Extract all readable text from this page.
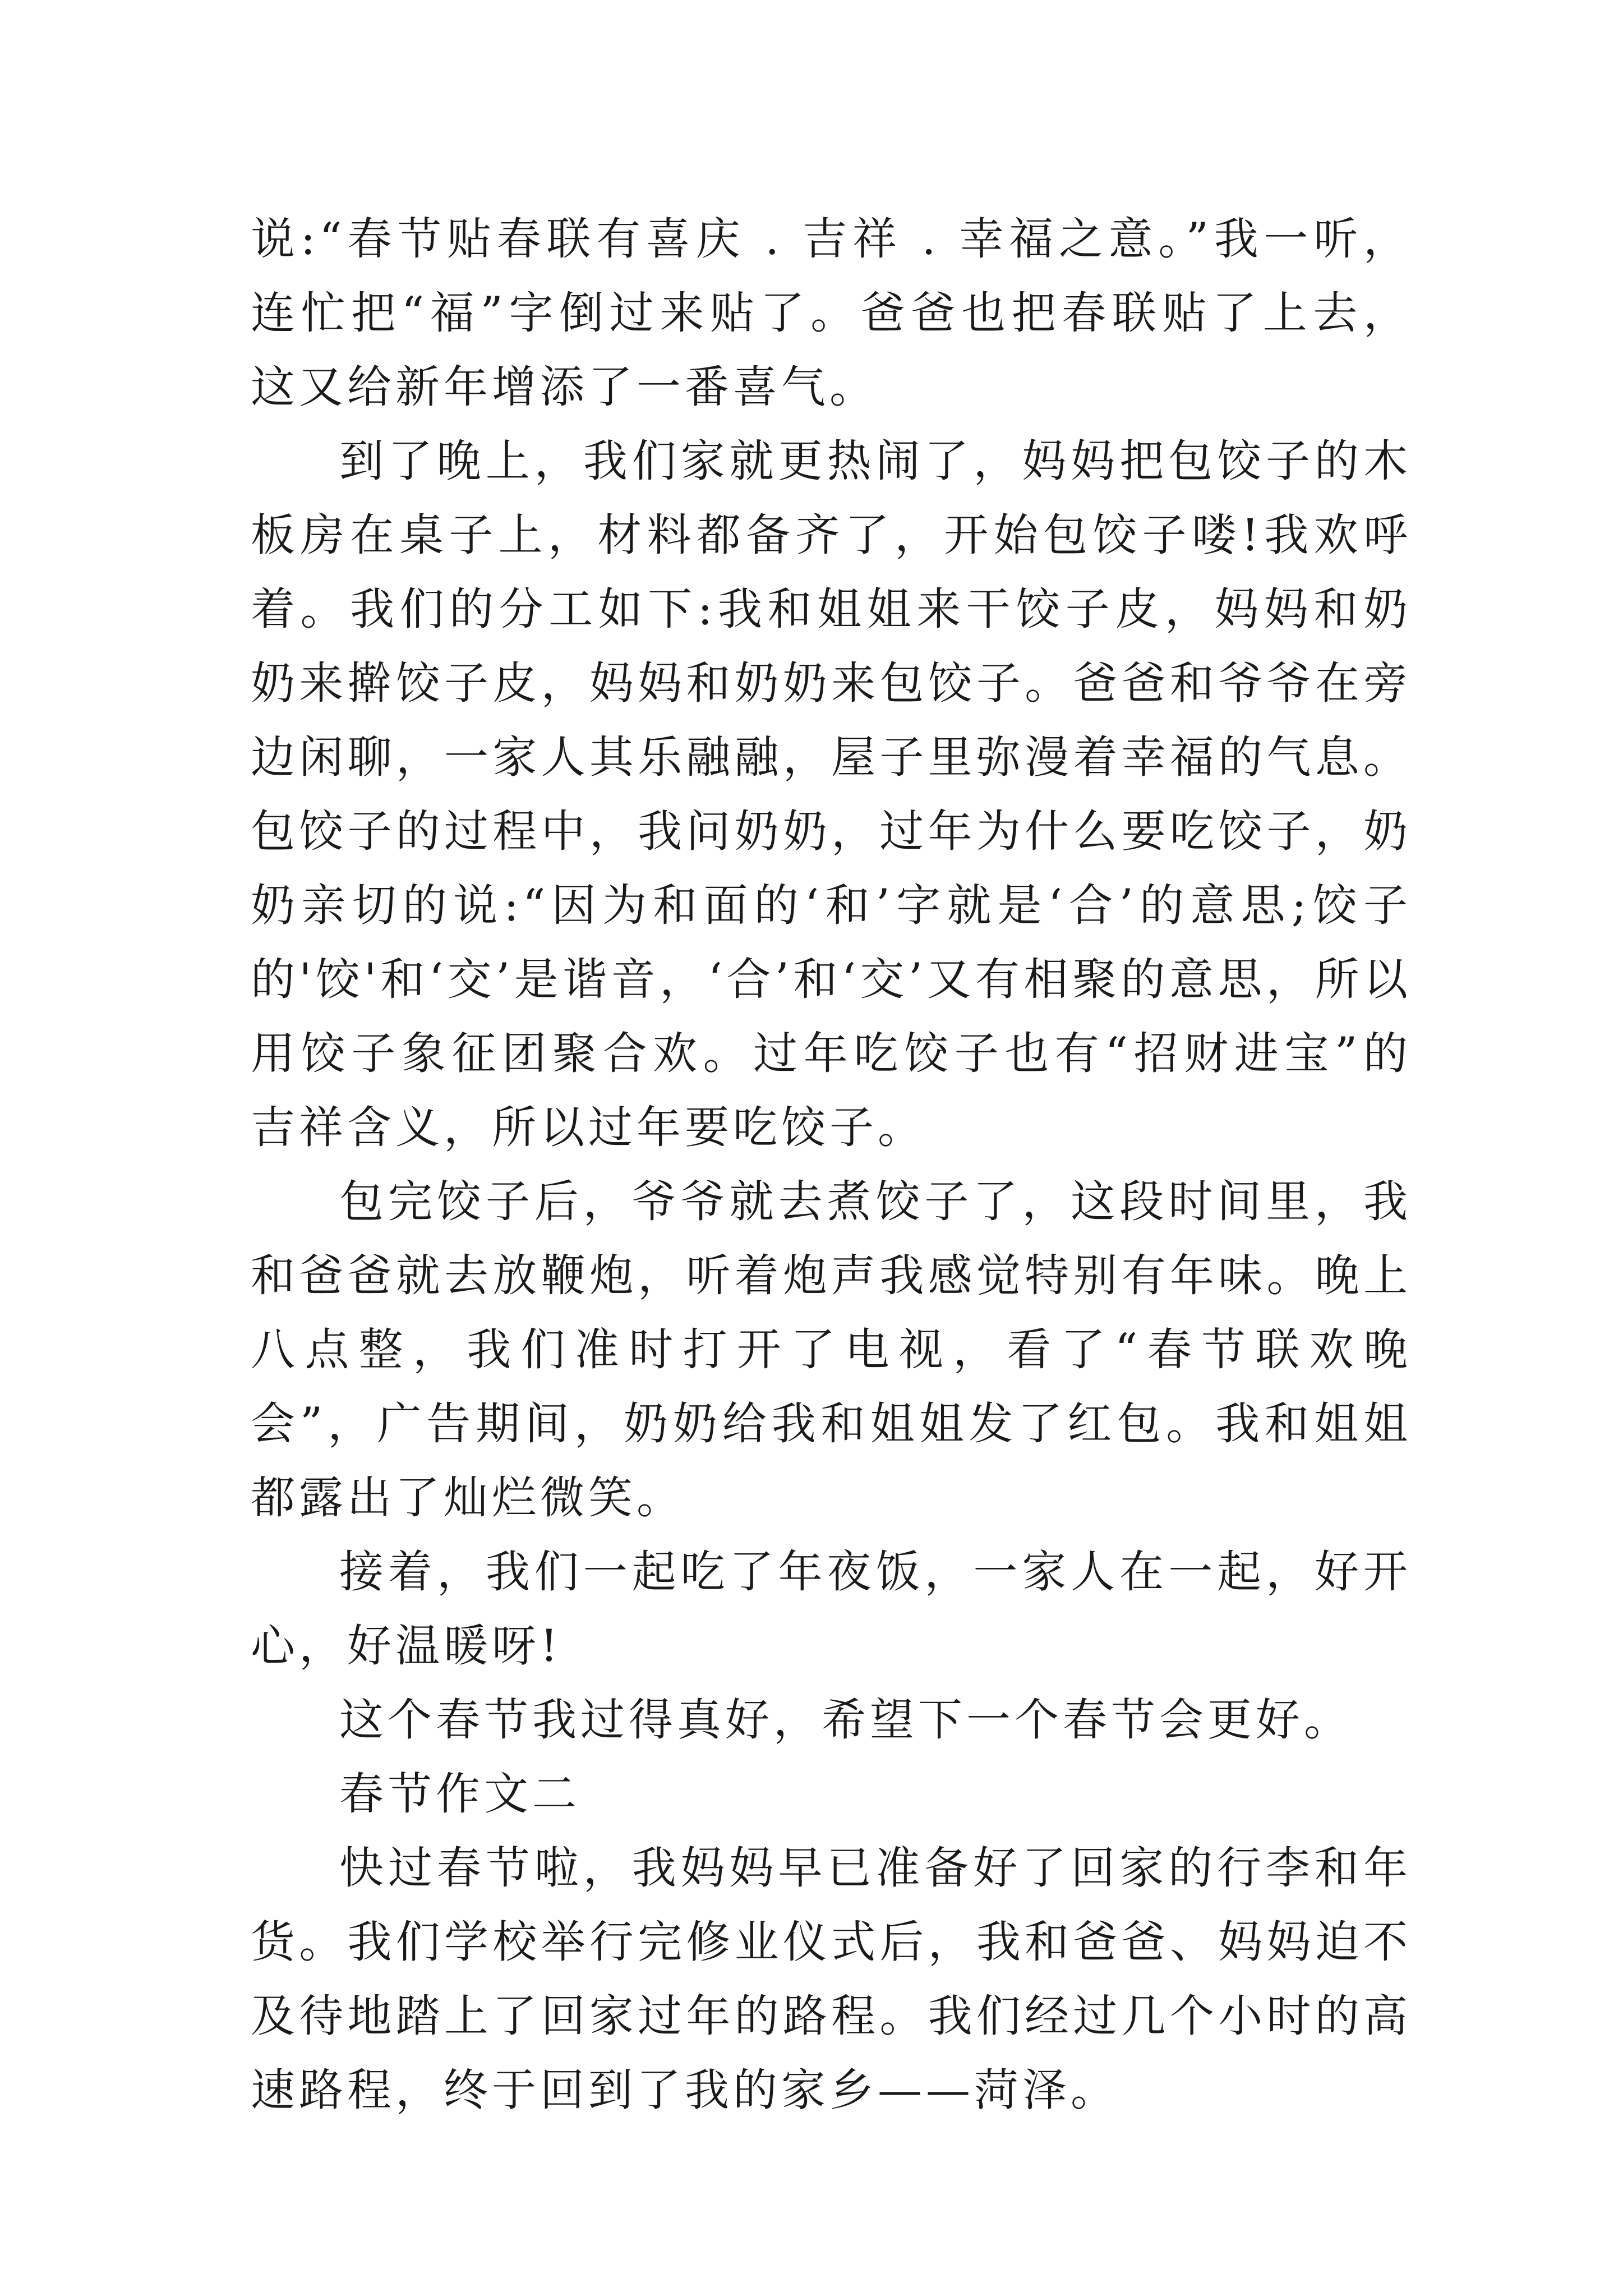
说:“春节贴春联有喜庆 . 吉祥 . 幸福之意。”我一听，连忙把“福”字倒过来贴了。爸爸也把春联贴了上去，这又给新年增添了一番喜气。

到了晚上，我们家就更热闹了，妈妈把包饺子的木板房在桌子上，材料都备齐了，开始包饺子喽!我欢呼着。我们的分工如下:我和姐姐来干饺子皮，妈妈和奶奶来擀饺子皮，妈妈和奶奶来包饺子。爸爸和爷爷在旁边闲聊，一家人其乐融融，屋子里弥漫着幸福的气息。包饺子的过程中，我问奶奶，过年为什么要吃饺子，奶奶亲切的说:“因为和面的‘和’字就是‘合’的意思;饺子的'饺'和‘交’是谐音，‘合’和‘交’又有相聚的意思，所以用饺子象征团聚合欢。过年吃饺子也有“招财进宝”的吉祥含义，所以过年要吃饺子。

包完饺子后，爷爷就去煮饺子了，这段时间里，我和爸爸就去放鞭炮，听着炮声我感觉特别有年味。晚上八点整，我们准时打开了电视，看了“春节联欢晚会”，广告期间，奶奶给我和姐姐发了红包。我和姐姐都露出了灿烂微笑。

接着，我们一起吃了年夜饭，一家人在一起，好开心，好温暖呀!

这个春节我过得真好，希望下一个春节会更好。

春节作文二

快过春节啦，我妈妈早已准备好了回家的行李和年货。我们学校举行完修业仪式后，我和爸爸、妈妈迫不及待地踏上了回家过年的路程。我们经过几个小时的高速路程，终于回到了我的家乡——菏泽。
